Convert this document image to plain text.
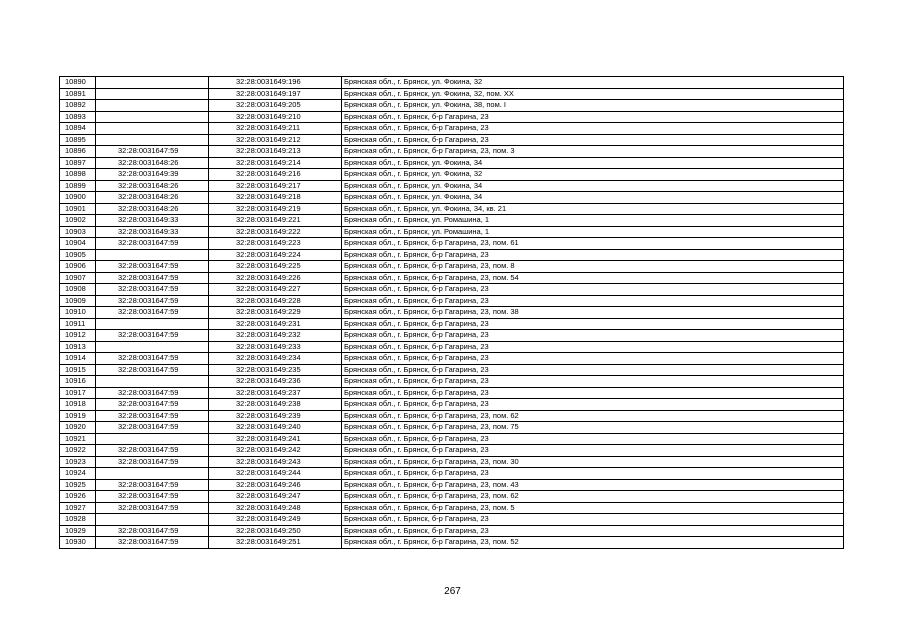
10890		32:28:0031649:196	Брянская обл., г. Брянск, ул. Фокина, 32
10891		32:28:0031649:197	Брянская обл., г. Брянск, ул. Фокина, 32, пом. XX
10892		32:28:0031649:205	Брянская обл., г. Брянск, ул. Фокина, 38, пом. I
10893		32:28:0031649:210	Брянская обл., г. Брянск, б-р Гагарина, 23
10894		32:28:0031649:211	Брянская обл., г. Брянск, б-р Гагарина, 23
10895		32:28:0031649:212	Брянская обл., г. Брянск, б-р Гагарина, 23
10896	32:28:0031647:59	32:28:0031649:213	Брянская обл., г. Брянск, б-р Гагарина, 23, пом. 3
10897	32:28:0031648:26	32:28:0031649:214	Брянская обл., г. Брянск, ул. Фокина, 34
10898	32:28:0031649:39	32:28:0031649:216	Брянская обл., г. Брянск, ул. Фокина, 32
10899	32:28:0031648:26	32:28:0031649:217	Брянская обл., г. Брянск, ул. Фокина, 34
10900	32:28:0031648:26	32:28:0031649:218	Брянская обл., г. Брянск, ул. Фокина, 34
10901	32:28:0031648:26	32:28:0031649:219	Брянская обл., г. Брянск, ул. Фокина, 34, кв. 21
10902	32:28:0031649:33	32:28:0031649:221	Брянская обл., г. Брянск, ул. Ромашина, 1
10903	32:28:0031649:33	32:28:0031649:222	Брянская обл., г. Брянск, ул. Ромашина, 1
10904	32:28:0031647:59	32:28:0031649:223	Брянская обл., г. Брянск, б-р Гагарина, 23, пом. 61
10905		32:28:0031649:224	Брянская обл., г. Брянск, б-р Гагарина, 23
10906	32:28:0031647:59	32:28:0031649:225	Брянская обл., г. Брянск, б-р Гагарина, 23, пом. 8
10907	32:28:0031647:59	32:28:0031649:226	Брянская обл., г. Брянск, б-р Гагарина, 23, пом. 54
10908	32:28:0031647:59	32:28:0031649:227	Брянская обл., г. Брянск, б-р Гагарина, 23
10909	32:28:0031647:59	32:28:0031649:228	Брянская обл., г. Брянск, б-р Гагарина, 23
10910	32:28:0031647:59	32:28:0031649:229	Брянская обл., г. Брянск, б-р Гагарина, 23, пом. 38
10911		32:28:0031649:231	Брянская обл., г. Брянск, б-р Гагарина, 23
10912	32:28:0031647:59	32:28:0031649:232	Брянская обл., г. Брянск, б-р Гагарина, 23
10913		32:28:0031649:233	Брянская обл., г. Брянск, б-р Гагарина, 23
10914	32:28:0031647:59	32:28:0031649:234	Брянская обл., г. Брянск, б-р Гагарина, 23
10915	32:28:0031647:59	32:28:0031649:235	Брянская обл., г. Брянск, б-р Гагарина, 23
10916		32:28:0031649:236	Брянская обл., г. Брянск, б-р Гагарина, 23
10917	32:28:0031647:59	32:28:0031649:237	Брянская обл., г. Брянск, б-р Гагарина, 23
10918	32:28:0031647:59	32:28:0031649:238	Брянская обл., г. Брянск, б-р Гагарина, 23
10919	32:28:0031647:59	32:28:0031649:239	Брянская обл., г. Брянск, б-р Гагарина, 23, пом. 62
10920	32:28:0031647:59	32:28:0031649:240	Брянская обл., г. Брянск, б-р Гагарина, 23, пом. 75
10921		32:28:0031649:241	Брянская обл., г. Брянск, б-р Гагарина, 23
10922	32:28:0031647:59	32:28:0031649:242	Брянская обл., г. Брянск, б-р Гагарина, 23
10923	32:28:0031647:59	32:28:0031649:243	Брянская обл., г. Брянск, б-р Гагарина, 23, пом. 30
10924		32:28:0031649:244	Брянская обл., г. Брянск, б-р Гагарина, 23
10925	32:28:0031647:59	32:28:0031649:246	Брянская обл., г. Брянск, б-р Гагарина, 23, пом. 43
10926	32:28:0031647:59	32:28:0031649:247	Брянская обл., г. Брянск, б-р Гагарина, 23, пом. 62
10927	32:28:0031647:59	32:28:0031649:248	Брянская обл., г. Брянск, б-р Гагарина, 23, пом. 5
10928		32:28:0031649:249	Брянская обл., г. Брянск, б-р Гагарина, 23
10929	32:28:0031647:59	32:28:0031649:250	Брянская обл., г. Брянск, б-р Гагарина, 23
10930	32:28:0031647:59	32:28:0031649:251	Брянская обл., г. Брянск, б-р Гагарина, 23, пом. 52
267
